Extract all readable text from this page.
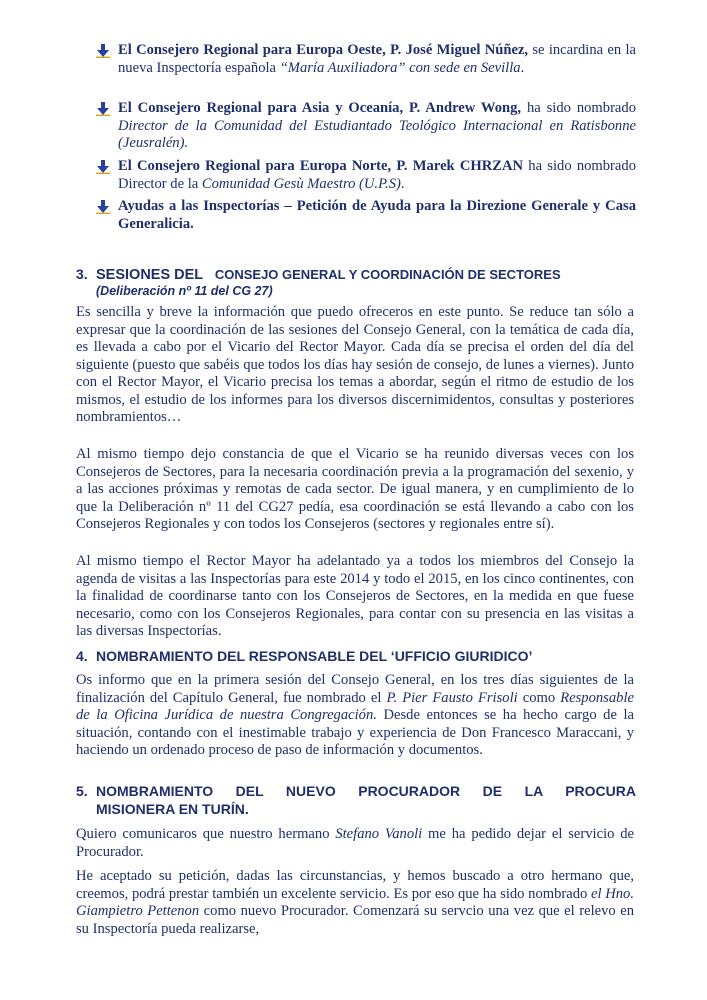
El Consejero Regional para Europa Oeste, P. José Miguel Núñez, se incardina en la nueva Inspectoría española “María Auxiliadora” con sede en Sevilla.
El Consejero Regional para Asia y Oceanía, P. Andrew Wong, ha sido nombrado Director de la Comunidad del Estudiantado Teológico Internacional en Ratisbonne (Jeusralén).
El Consejero Regional para Europa Norte, P. Marek CHRZAN ha sido nombrado Director de la Comunidad Gesù Maestro (U.P.S).
Ayudas a las Inspectorías – Petición de Ayuda para la Direzione Generale y Casa Generalicia.
3. SESIONES DEL CONSEJO GENERAL Y COORDINACIÓN DE SECTORES
(Deliberación nº 11 del CG 27)
Es sencilla y breve la información que puedo ofreceros en este punto. Se reduce tan sólo a expresar que la coordinación de las sesiones del Consejo General, con la temática de cada día, es llevada a cabo por el Vicario del Rector Mayor. Cada día se precisa el orden del día del siguiente (puesto que sabéis que todos los días hay sesión de consejo, de lunes a viernes). Junto con el Rector Mayor, el Vicario precisa los temas a abordar, según el ritmo de estudio de los mismos, el estudio de los informes para los diversos discernimidentos, consultas y posteriores nombramientos…
Al mismo tiempo dejo constancia de que el Vicario se ha reunido diversas veces con los Consejeros de Sectores, para la necesaria coordinación previa a la programación del sexenio, y a las acciones próximas y remotas de cada sector. De igual manera, y en cumplimiento de lo que la Deliberación nº 11 del CG27 pedía, esa coordinación se está llevando a cabo con los Consejeros Regionales y con todos los Consejeros (sectores y regionales entre sí).
Al mismo tiempo el Rector Mayor ha adelantado ya a todos los miembros del Consejo la agenda de visitas a las Inspectorías para este 2014 y todo el 2015, en los cinco continentes, con la finalidad de coordinarse tanto con los Consejeros de Sectores, en la medida en que fuese necesario, como con los Consejeros Regionales, para contar con su presencia en las visitas a las diversas Inspectorías.
4. NOMBRAMIENTO DEL RESPONSABLE DEL ‘UFFICIO GIURIDICO’
Os informo que en la primera sesión del Consejo General, en los tres días siguientes de la finalización del Capítulo General, fue nombrado el P. Pier Fausto Frisoli como Responsable de la Oficina Jurídica de nuestra Congregación. Desde entonces se ha hecho cargo de la situación, contando con el inestimable trabajo y experiencia de Don Francesco Maraccani, y haciendo un ordenado proceso de paso de información y documentos.
5. NOMBRAMIENTO DEL NUEVO PROCURADOR DE LA PROCURA
MISIONERA EN TURÍN.
Quiero comunicaros que nuestro hermano Stefano Vanoli me ha pedido dejar el servicio de Procurador.
He aceptado su petición, dadas las circunstancias, y hemos buscado a otro hermano que, creemos, podrá prestar también un excelente servicio. Es por eso que ha sido nombrado el Hno. Giampietro Pettenon como nuevo Procurador. Comenzará su servcio una vez que el relevo en su Inspectoría pueda realizarse,
